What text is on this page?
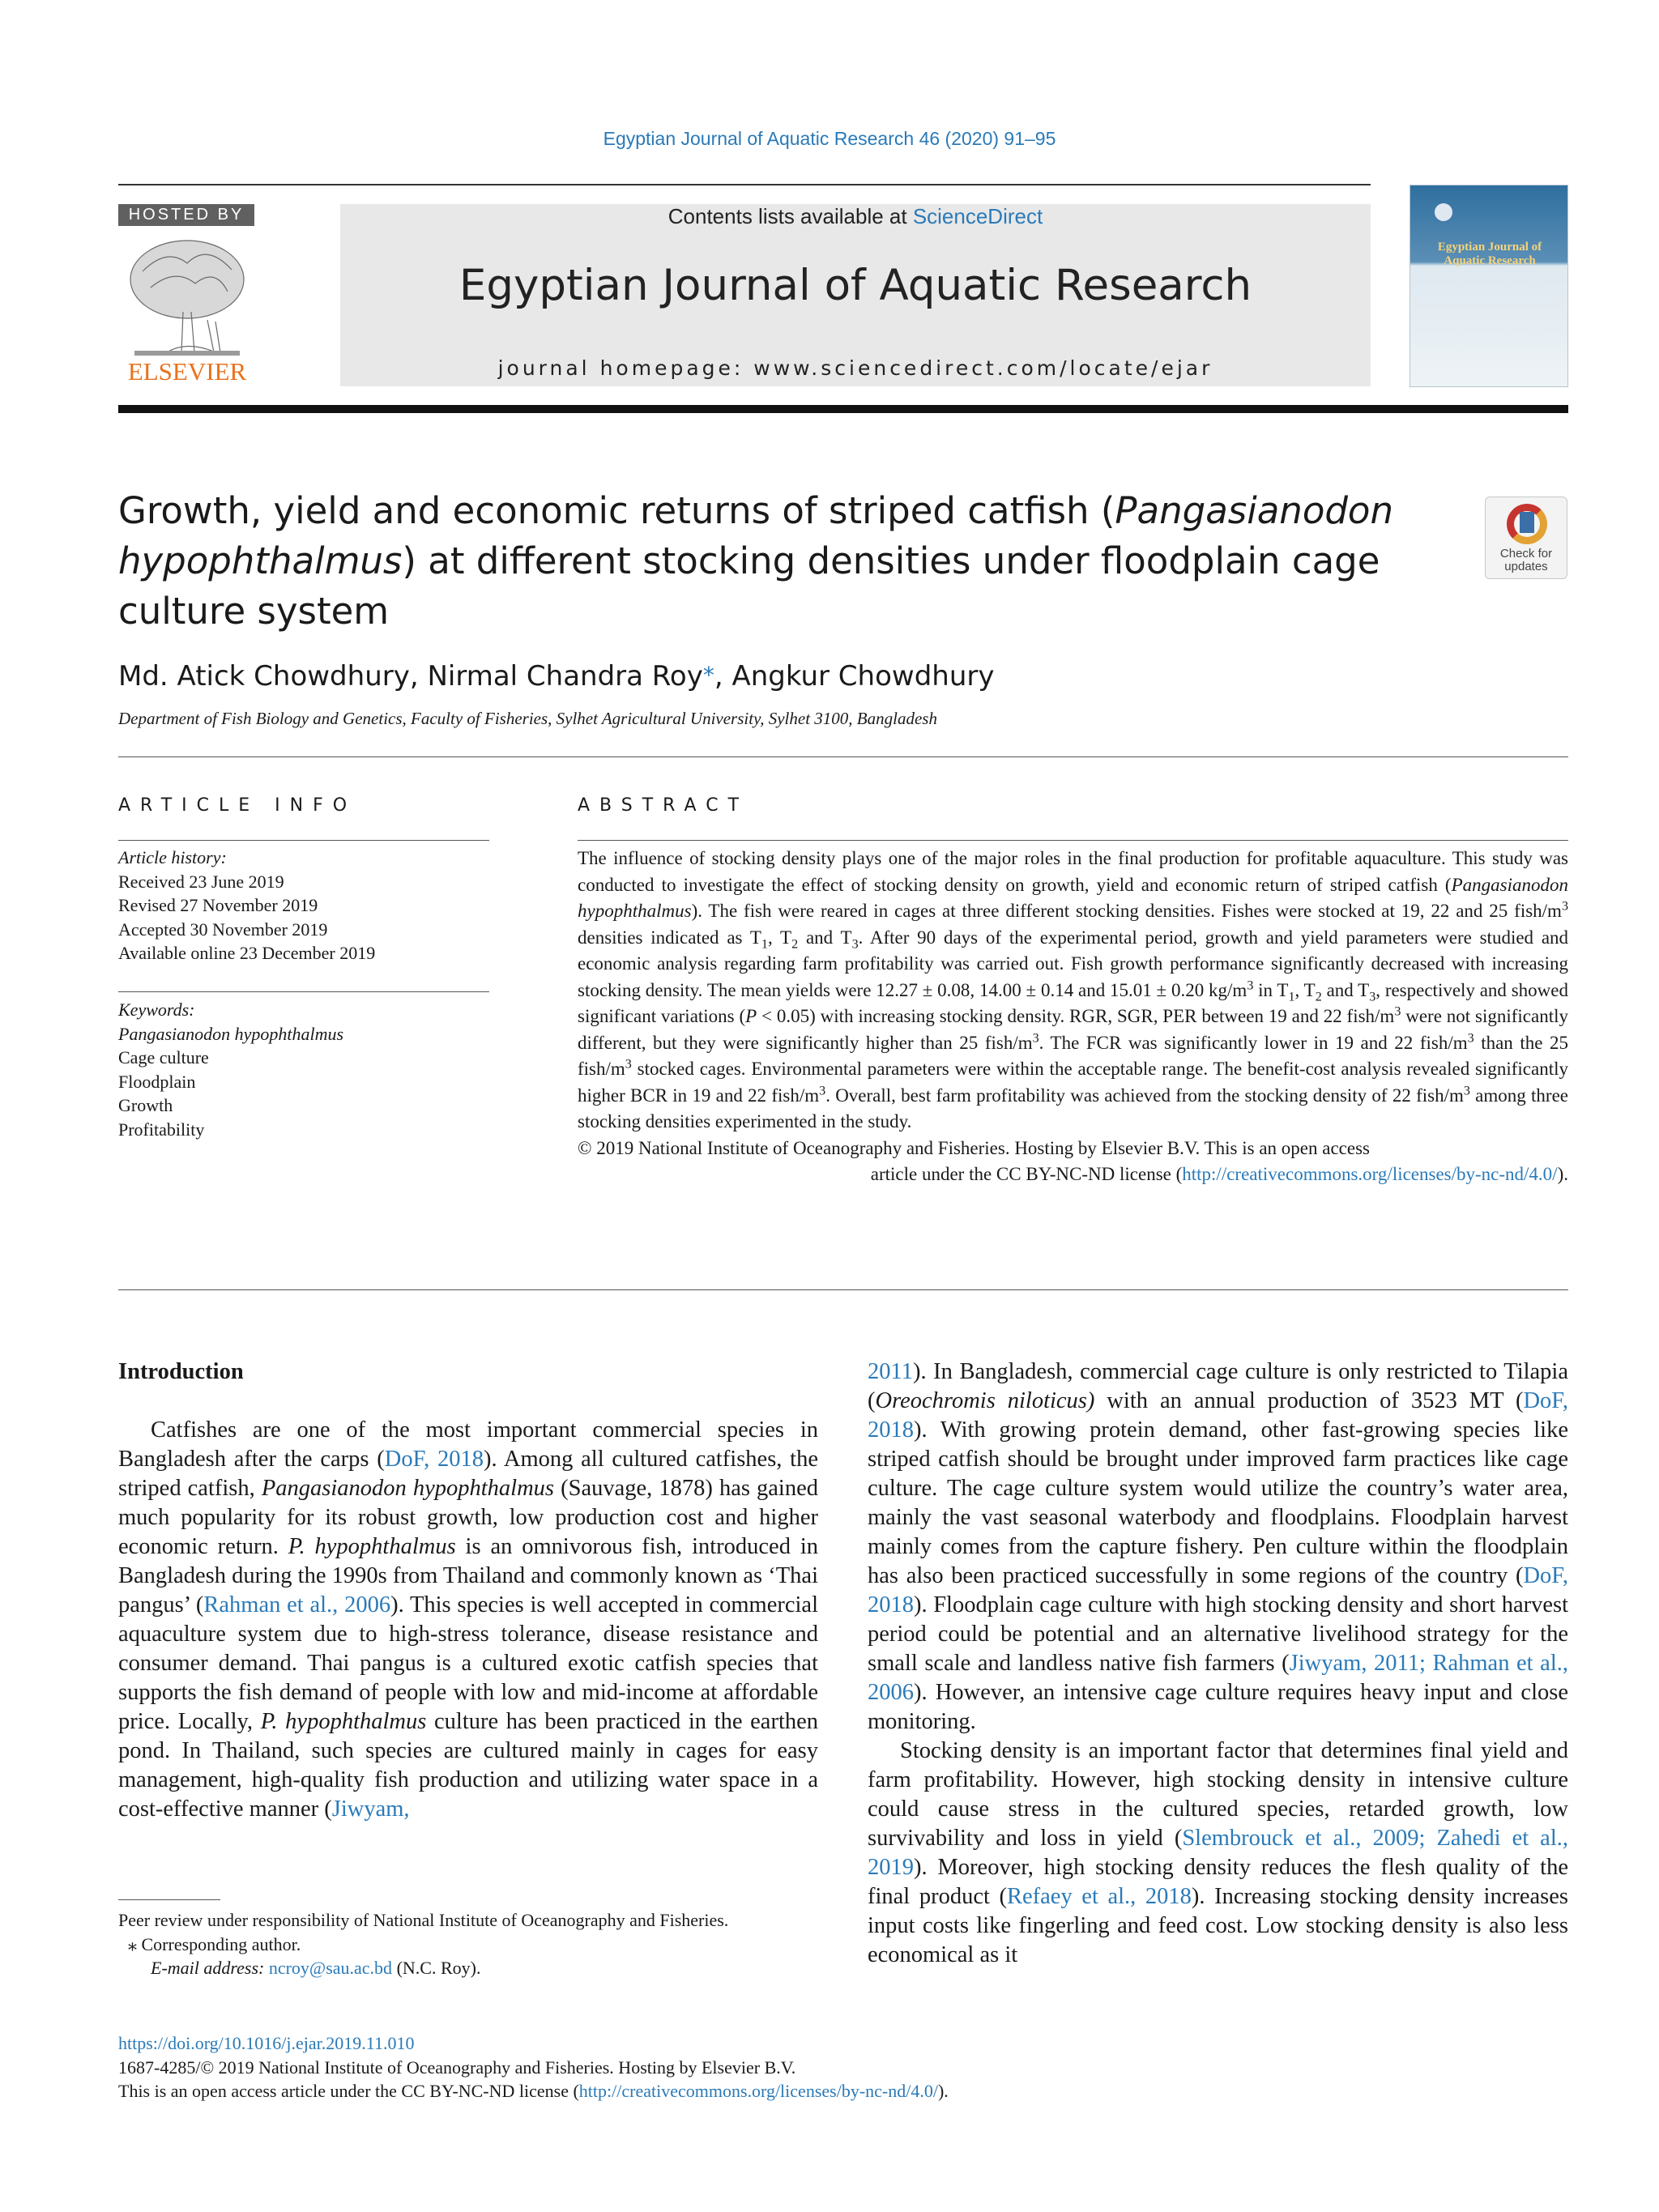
Egyptian Journal of Aquatic Research 46 (2020) 91–95
HOSTED BY
ELSEVIER
Contents lists available at ScienceDirect
Egyptian Journal of Aquatic Research
journal homepage: www.sciencedirect.com/locate/ejar
Egyptian Journal of Aquatic Research
Growth, yield and economic returns of striped catfish (Pangasianodon hypophthalmus) at different stocking densities under floodplain cage culture system
Check for updates
Md. Atick Chowdhury, Nirmal Chandra Roy⁎, Angkur Chowdhury
Department of Fish Biology and Genetics, Faculty of Fisheries, Sylhet Agricultural University, Sylhet 3100, Bangladesh
ARTICLE INFO	ABSTRACT
Article history:
Received 23 June 2019
Revised 27 November 2019
Accepted 30 November 2019
Available online 23 December 2019
Keywords:
Pangasianodon hypophthalmus
Cage culture
Floodplain
Growth
Profitability
The influence of stocking density plays one of the major roles in the final production for profitable aquaculture. This study was conducted to investigate the effect of stocking density on growth, yield and economic return of striped catfish (Pangasianodon hypophthalmus). The fish were reared in cages at three different stocking densities. Fishes were stocked at 19, 22 and 25 fish/$m^3$ densities indicated as $T_1$, $T_2$ and $T_3$. After 90 days of the experimental period, growth and yield parameters were studied and economic analysis regarding farm profitability was carried out. Fish growth performance significantly decreased with increasing stocking density. The mean yields were 12.27 ± 0.08, 14.00 ± 0.14 and 15.01 ± 0.20 $kg/m^3$ in $T_1$, $T_2$ and $T_3$, respectively and showed significant variations (P < 0.05) with increasing stocking density. RGR, SGR, PER between 19 and 22 fish/$m^3$ were not significantly different, but they were significantly higher than 25 fish/$m^3$. The FCR was significantly lower in 19 and 22 fish/$m^3$ than the 25 fish/$m^3$ stocked cages. Environmental parameters were within the acceptable range. The benefit-cost analysis revealed significantly higher BCR in 19 and 22 fish/$m^3$. Overall, best farm profitability was achieved from the stocking density of 22 fish/$m^3$ among three stocking densities experimented in the study.
© 2019 National Institute of Oceanography and Fisheries. Hosting by Elsevier B.V. This is an open access
article under the CC BY-NC-ND license (http://creativecommons.org/licenses/by-nc-nd/4.0/).
Introduction

Catfishes are one of the most important commercial species in Bangladesh after the carps (DoF, 2018). Among all cultured catfishes, the striped catfish, Pangasianodon hypophthalmus (Sauvage, 1878) has gained much popularity for its robust growth, low production cost and higher economic return. P. hypophthalmus is an omnivorous fish, introduced in Bangladesh during the 1990s from Thailand and commonly known as ‘Thai pangus’ (Rahman et al., 2006). This species is well accepted in commercial aquaculture system due to high-stress tolerance, disease resistance and consumer demand. Thai pangus is a cultured exotic catfish species that supports the fish demand of people with low and mid-income at affordable price. Locally, P. hypophthalmus culture has been practiced in the earthen pond. In Thailand, such species are cultured mainly in cages for easy management, high-quality fish production and utilizing water space in a cost-effective manner (Jiwyam,

2011). In Bangladesh, commercial cage culture is only restricted to Tilapia (Oreochromis niloticus) with an annual production of 3523 MT (DoF, 2018). With growing protein demand, other fast-growing species like striped catfish should be brought under improved farm practices like cage culture. The cage culture system would utilize the country’s water area, mainly the vast seasonal waterbody and floodplains. Floodplain harvest mainly comes from the capture fishery. Pen culture within the floodplain has also been practiced successfully in some regions of the country (DoF, 2018). Floodplain cage culture with high stocking density and short harvest period could be potential and an alternative livelihood strategy for the small scale and landless native fish farmers (Jiwyam, 2011; Rahman et al., 2006). However, an intensive cage culture requires heavy input and close monitoring.

Stocking density is an important factor that determines final yield and farm profitability. However, high stocking density in intensive culture could cause stress in the cultured species, retarded growth, low survivability and loss in yield (Slembrouck et al., 2009; Zahedi et al., 2019). Moreover, high stocking density reduces the flesh quality of the final product (Refaey et al., 2018). Increasing stocking density increases input costs like fingerling and feed cost. Low stocking density is also less economical as it

Peer review under responsibility of National Institute of Oceanography and Fisheries.
⁎ Corresponding author.
E-mail address: ncroy@sau.ac.bd (N.C. Roy).
https://doi.org/10.1016/j.ejar.2019.11.010
1687-4285/© 2019 National Institute of Oceanography and Fisheries. Hosting by Elsevier B.V.
This is an open access article under the CC BY-NC-ND license (http://creativecommons.org/licenses/by-nc-nd/4.0/).
